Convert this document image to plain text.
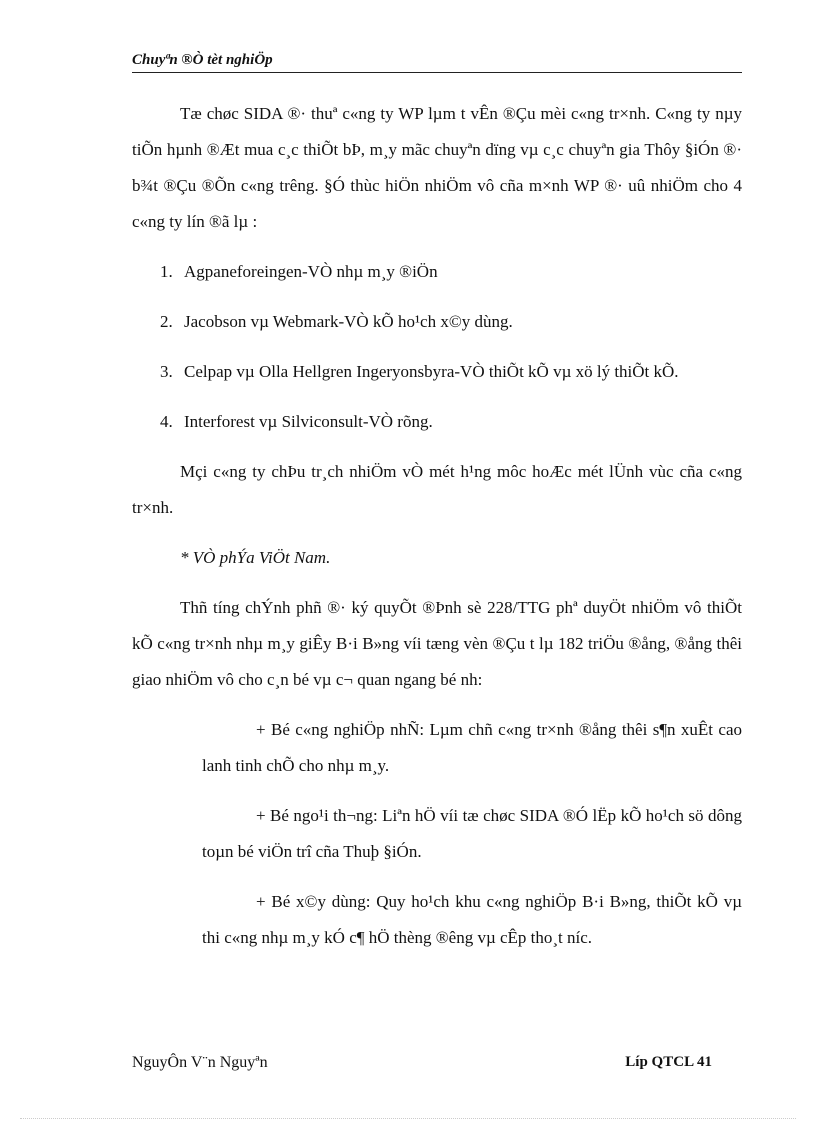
Chuyªn ®Ò tèt nghiÖp

Tæ chøc SIDA ®· thuª c«ng ty WP lµm t vÊn ®Çu mèi c«ng tr×nh. C«ng ty nµy tiÕn hµnh ®Æt mua c¸c thiÕt bÞ, m¸y mãc chuyªn dïng vµ c¸c chuyªn gia Thôy §iÓn ®· b¾t ®Çu ®Õn c«ng trêng. §Ó thùc hiÖn nhiÖm vô cña m×nh WP ®· uû nhiÖm cho 4 c«ng ty lín ®ã lµ :

1. Agpaneforeingen-VÒ nhµ m¸y ®iÖn
2. Jacobson vµ Webmark-VÒ kÕ ho¹ch x©y dùng.
3. Celpap vµ Olla Hellgren Ingeryonsbyra-VÒ thiÕt kÕ vµ xö lý thiÕt kÕ.
4. Interforest vµ Silviconsult-VÒ rõng.

Mçi c«ng ty chÞu tr¸ch nhiÖm vÒ mét h¹ng môc hoÆc mét lÜnh vùc cña c«ng tr×nh.

* VÒ phÝa ViÖt Nam.

Thñ tíng chÝnh phñ ®· ký quyÕt ®Þnh sè 228/TTG phª duyÖt nhiÖm vô thiÕt kÕ c«ng tr×nh nhµ m¸y giÊy B·i B»ng víi tæng vèn ®Çu t lµ 182 triÖu ®ång, ®ång thêi giao nhiÖm vô cho c¸n bé vµ c¬ quan ngang bé nh:

+ Bé c«ng nghiÖp nhÑ: Lµm chñ c«ng tr×nh ®ång thêi s¶n xuÊt cao lanh tinh chÕ cho nhµ m¸y.

+ Bé ngo¹i th¬ng: Liªn hÖ víi tæ chøc SIDA ®Ó lËp kÕ ho¹ch sö dông toµn bé viÖn trî cña Thuþ §iÓn.

+ Bé x©y dùng: Quy ho¹ch khu c«ng nghiÖp B·i B»ng, thiÕt kÕ vµ thi c«ng nhµ m¸y kÓ c¶ hÖ thèng ®êng vµ cÊp tho¸t níc.

NguyÔn V¨n Nguyªn	Líp QTCL 41
